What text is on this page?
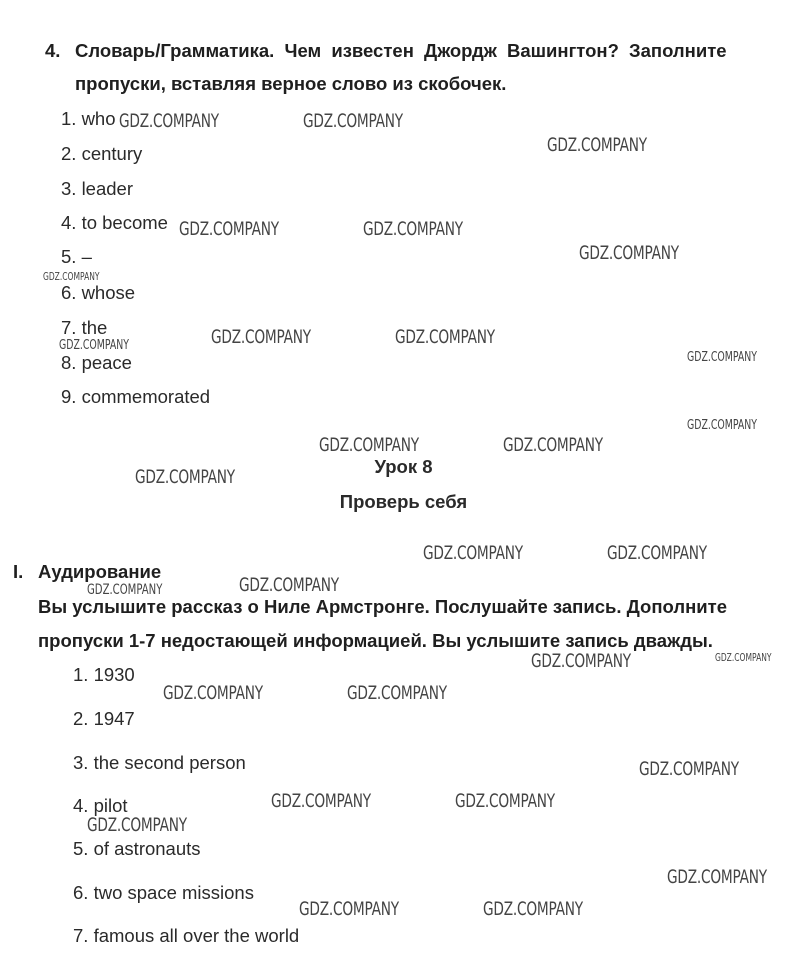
4. Словарь/Грамматика. Чем известен Джордж Вашингтон? Заполните
пропуски, вставляя верное слово из скобочек.
1. who
2. century
3. leader
4. to become
5. –
6. whose
7. the
8. peace
9. commemorated
Урок 8
Проверь себя
I. Аудирование
Вы услышите рассказ о Ниле Армстронге. Послушайте запись. Дополните
пропуски 1-7 недостающей информацией. Вы услышите запись дважды.
1. 1930
2. 1947
3. the second person
4. pilot
5. of astronauts
6. two space missions
7. famous all over the world
GDZ.COMPANY	GDZ.COMPANY
GDZ.COMPANY
GDZ.COMPANY	GDZ.COMPANY
GDZ.COMPANY
GDZ.COMPANY
GDZ.COMPANY	GDZ.COMPANY
GDZ.COMPANY
GDZ.COMPANY
GDZ.COMPANY
GDZ.COMPANY	GDZ.COMPANY
GDZ.COMPANY
GDZ.COMPANY	GDZ.COMPANY
GDZ.COMPANY	GDZ.COMPANY
GDZ.COMPANY	GDZ.COMPANY
GDZ.COMPANY	GDZ.COMPANY
GDZ.COMPANY
GDZ.COMPANY	GDZ.COMPANY
GDZ.COMPANY
GDZ.COMPANY
GDZ.COMPANY	GDZ.COMPANY
